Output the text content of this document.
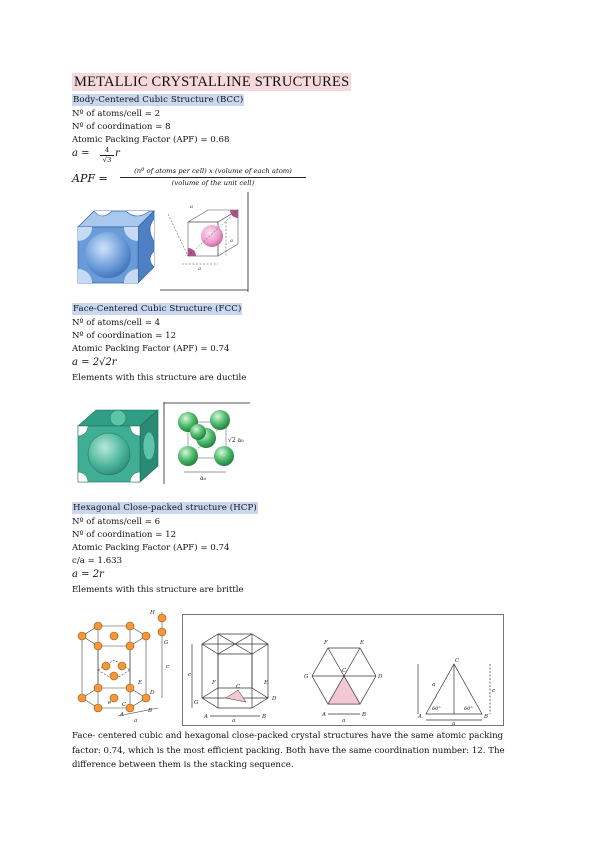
METALLIC CRYSTALLINE STRUCTURES
Body-Centered Cubic Structure (BCC)
Nº of atoms/cell = 2
Nº of coordination = 8
Atomic Packing Factor (APF) = 0.68
a =	4
√3
r
APF =
(nº of atoms per cell) x (volume of each atom)
(volume of the unit cell)
a
a
a
Face-Centered Cubic Structure (FCC)
Nº of atoms/cell = 4
Nº of coordination = 12
Atomic Packing Factor (APF) = 0.74
a = 2√2r
Elements with this structure are ductile
√2 a₀
a₀
Hexagonal Close-packed structure (HCP)
Nº of atoms/cell = 6
Nº of coordination = 12
Atomic Packing Factor (APF) = 0.74
c/a = 1.633
a = 2r
Elements with this structure are brittle
H
G
E
D
C
e
A
B
a
c
c
F	E
C
G
D
A	B
a
F	E
G	D
C
A	B
a
C
A	B
60°	60°
a
a
c
Face- centered cubic and hexagonal close-packed crystal structures have the same atomic packing factor: 0.74, which is the most efficient packing. Both have the same coordination number: 12. The difference between them is the stacking sequence.
